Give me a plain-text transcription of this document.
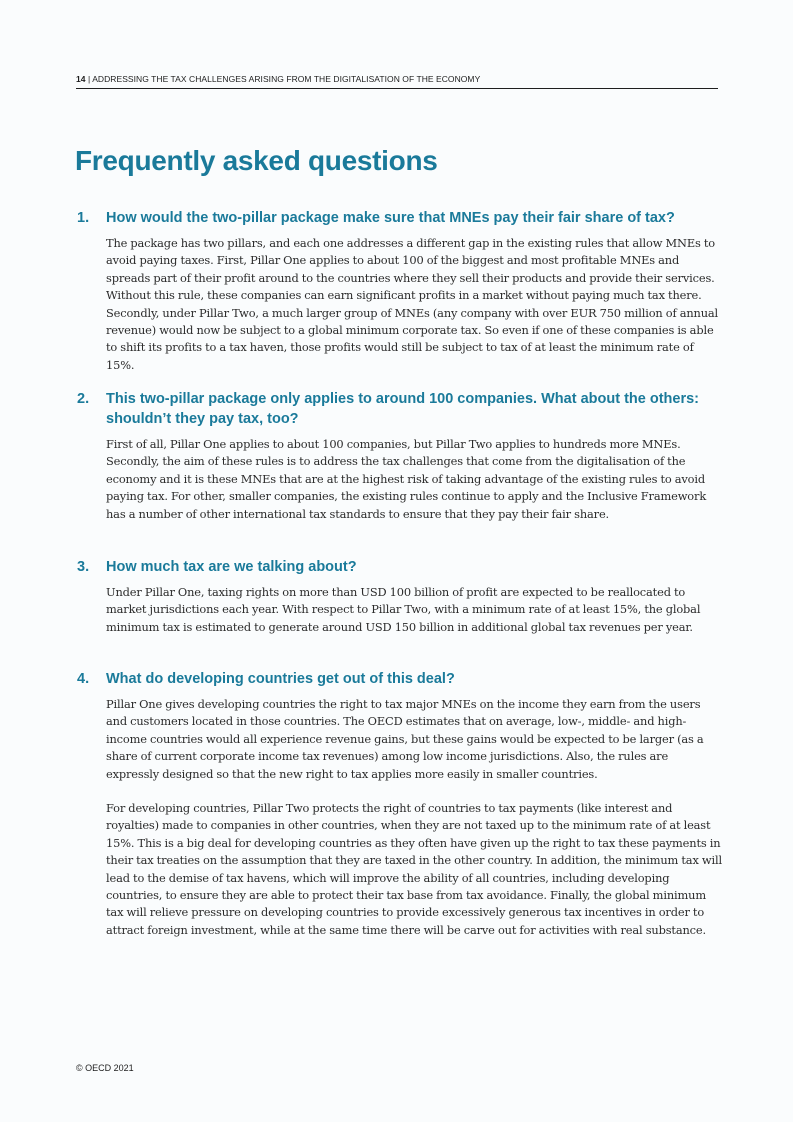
14 | ADDRESSING THE TAX CHALLENGES ARISING FROM THE DIGITALISATION OF THE ECONOMY
Frequently asked questions
1.	How would the two-pillar package make sure that MNEs pay their fair share of tax?

The package has two pillars, and each one addresses a different gap in the existing rules that allow MNEs to avoid paying taxes. First, Pillar One applies to about 100 of the biggest and most profitable MNEs and spreads part of their profit around to the countries where they sell their products and provide their services. Without this rule, these companies can earn significant profits in a market without paying much tax there. Secondly, under Pillar Two, a much larger group of MNEs (any company with over EUR 750 million of annual revenue) would now be subject to a global minimum corporate tax. So even if one of these companies is able to shift its profits to a tax haven, those profits would still be subject to tax of at least the minimum rate of 15%.

2.	This two-pillar package only applies to around 100 companies. What about the others: shouldn’t they pay tax, too?

First of all, Pillar One applies to about 100 companies, but Pillar Two applies to hundreds more MNEs. Secondly, the aim of these rules is to address the tax challenges that come from the digitalisation of the economy and it is these MNEs that are at the highest risk of taking advantage of the existing rules to avoid paying tax. For other, smaller companies, the existing rules continue to apply and the Inclusive Framework has a number of other international tax standards to ensure that they pay their fair share.

3.	How much tax are we talking about?

Under Pillar One, taxing rights on more than USD 100 billion of profit are expected to be reallocated to market jurisdictions each year. With respect to Pillar Two, with a minimum rate of at least 15%, the global minimum tax is estimated to generate around USD 150 billion in additional global tax revenues per year.

4.	What do developing countries get out of this deal?

Pillar One gives developing countries the right to tax major MNEs on the income they earn from the users and customers located in those countries. The OECD estimates that on average, low-, middle- and high-income countries would all experience revenue gains, but these gains would be expected to be larger (as a share of current corporate income tax revenues) among low income jurisdictions. Also, the rules are expressly designed so that the new right to tax applies more easily in smaller countries.

For developing countries, Pillar Two protects the right of countries to tax payments (like interest and royalties) made to companies in other countries, when they are not taxed up to the minimum rate of at least 15%. This is a big deal for developing countries as they often have given up the right to tax these payments in their tax treaties on the assumption that they are taxed in the other country. In addition, the minimum tax will lead to the demise of tax havens, which will improve the ability of all countries, including developing countries, to ensure they are able to protect their tax base from tax avoidance. Finally, the global minimum tax will relieve pressure on developing countries to provide excessively generous tax incentives in order to attract foreign investment, while at the same time there will be carve out for activities with real substance.

© OECD 2021
